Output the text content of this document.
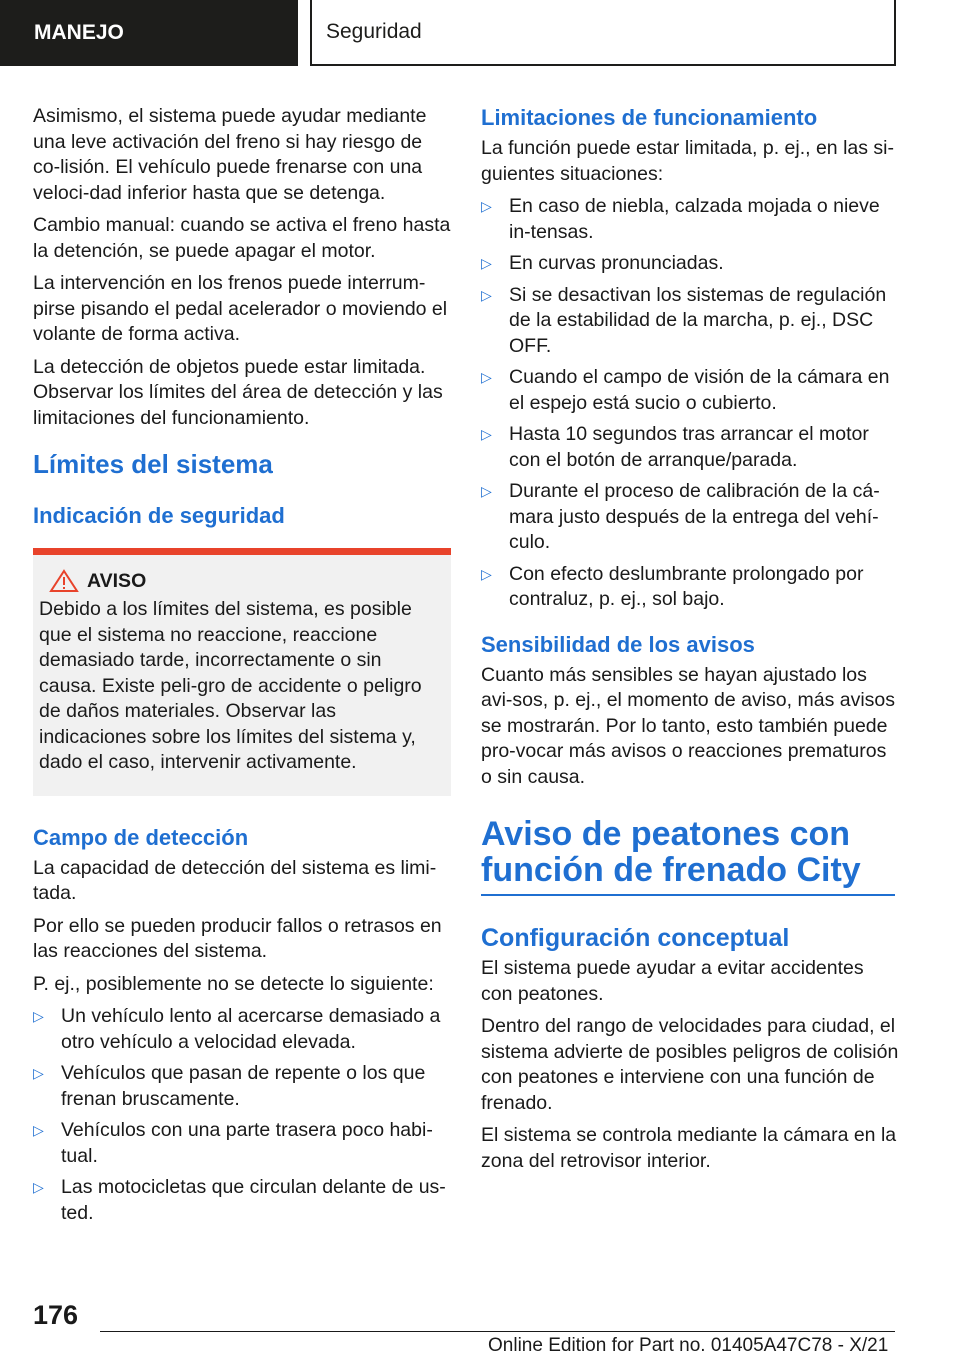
MANEJO	Seguridad

Asimismo, el sistema puede ayudar mediante una leve activación del freno si hay riesgo de co-lisión. El vehículo puede frenarse con una veloci-dad inferior hasta que se detenga.

Cambio manual: cuando se activa el freno hasta la detención, se puede apagar el motor.

La intervención en los frenos puede interrum-pirse pisando el pedal acelerador o moviendo el volante de forma activa.

La detección de objetos puede estar limitada. Observar los límites del área de detección y las limitaciones del funcionamiento.

Límites del sistema
Indicación de seguridad
AVISO

Debido a los límites del sistema, es posible que el sistema no reaccione, reaccione demasiado tarde, incorrectamente o sin causa. Existe peli-gro de accidente o peligro de daños materiales. Observar las indicaciones sobre los límites del sistema y, dado el caso, intervenir activamente.

Campo de detección

La capacidad de detección del sistema es limi-tada.

Por ello se pueden producir fallos o retrasos en las reacciones del sistema.

P. ej., posiblemente no se detecte lo siguiente:

▷ Un vehículo lento al acercarse demasiado a otro vehículo a velocidad elevada.
▷ Vehículos que pasan de repente o los que frenan bruscamente.
▷ Vehículos con una parte trasera poco habi-tual.
▷ Las motocicletas que circulan delante de us-ted.
Limitaciones de funcionamiento

La función puede estar limitada, p. ej., en las si-guientes situaciones:

▷ En caso de niebla, calzada mojada o nieve in-tensas.
▷ En curvas pronunciadas.
▷ Si se desactivan los sistemas de regulación de la estabilidad de la marcha, p. ej., DSC OFF.
▷ Cuando el campo de visión de la cámara en el espejo está sucio o cubierto.
▷ Hasta 10 segundos tras arrancar el motor con el botón de arranque/parada.
▷ Durante el proceso de calibración de la cá-mara justo después de la entrega del vehí-culo.
▷ Con efecto deslumbrante prolongado por contraluz, p. ej., sol bajo.
Sensibilidad de los avisos

Cuanto más sensibles se hayan ajustado los avi-sos, p. ej., el momento de aviso, más avisos se mostrarán. Por lo tanto, esto también puede pro-vocar más avisos o reacciones prematuros o sin causa.

Aviso de peatones con función de frenado City
Configuración conceptual

El sistema puede ayudar a evitar accidentes con peatones.

Dentro del rango de velocidades para ciudad, el sistema advierte de posibles peligros de colisión con peatones e interviene con una función de frenado.

El sistema se controla mediante la cámara en la zona del retrovisor interior.

176
Online Edition for Part no. 01405A47C78 - X/21
